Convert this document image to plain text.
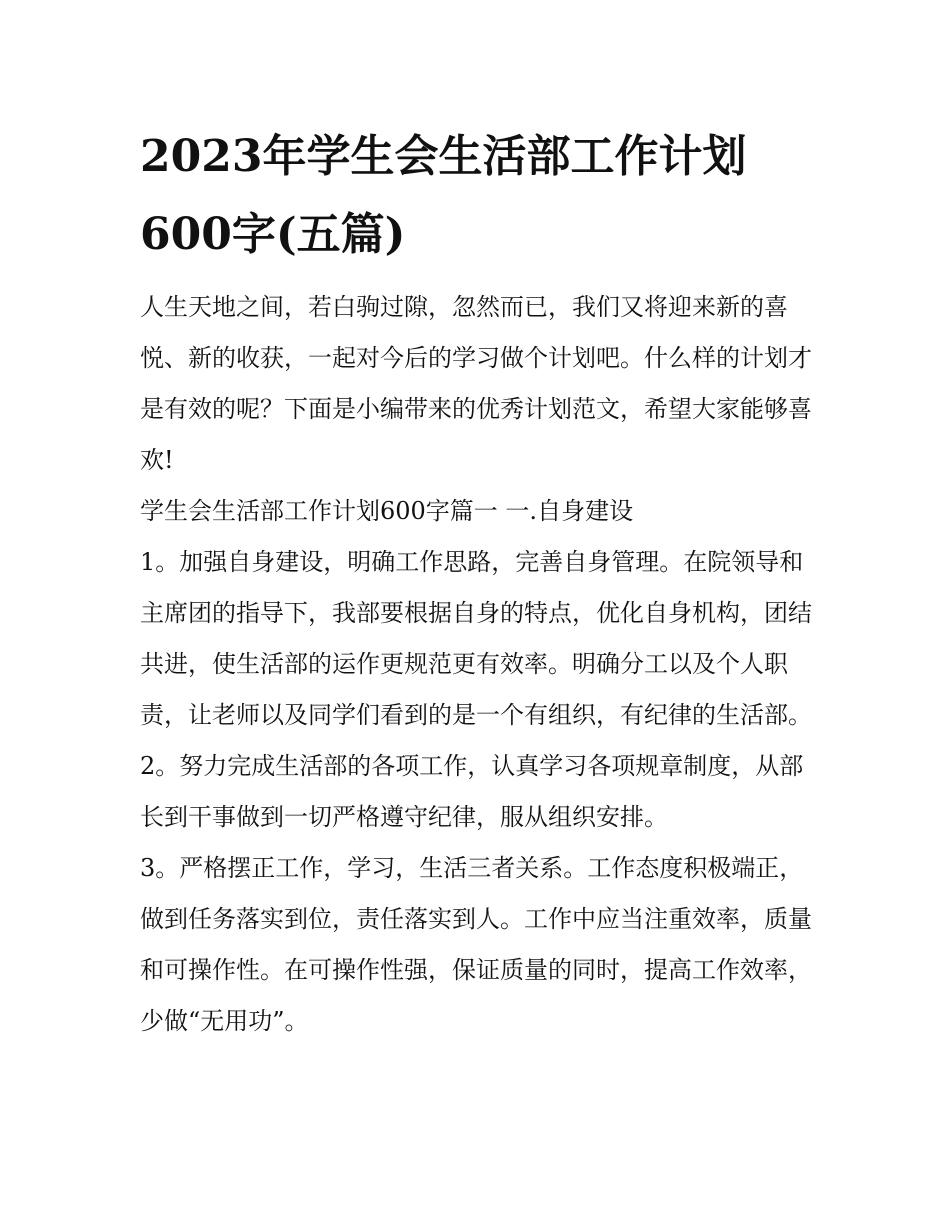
2023年学生会生活部工作计划600字(五篇)

人生天地之间，若白驹过隙，忽然而已，我们又将迎来新的喜悦、新的收获，一起对今后的学习做个计划吧。什么样的计划才是有效的呢？下面是小编带来的优秀计划范文，希望大家能够喜欢!

学生会生活部工作计划600字篇一 一.自身建设

1。加强自身建设，明确工作思路，完善自身管理。在院领导和主席团的指导下，我部要根据自身的特点，优化自身机构，团结共进，使生活部的运作更规范更有效率。明确分工以及个人职责，让老师以及同学们看到的是一个有组织，有纪律的生活部。

2。努力完成生活部的各项工作，认真学习各项规章制度，从部长到干事做到一切严格遵守纪律，服从组织安排。

3。严格摆正工作，学习，生活三者关系。工作态度积极端正，做到任务落实到位，责任落实到人。工作中应当注重效率，质量和可操作性。在可操作性强，保证质量的同时，提高工作效率，少做“无用功”。
